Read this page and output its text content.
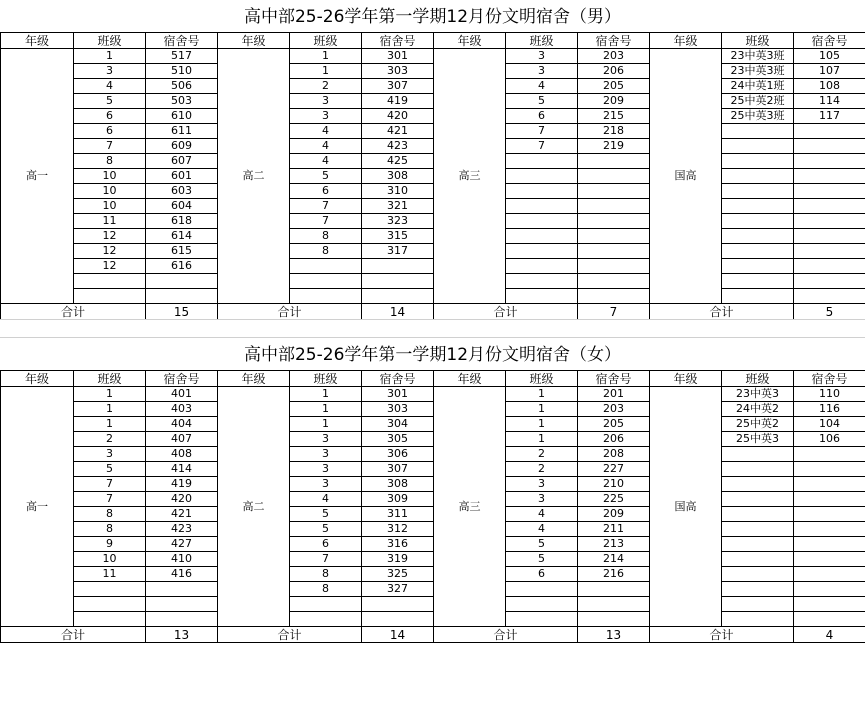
高中部25-26学年第一学期12月份文明宿舍（男）
年级	班级	宿舍号	年级	班级	宿舍号	年级	班级	宿舍号	年级	班级	宿舍号
高一	1	517	高二	1	301	高三	3	203	国高	23中英3班	105
	3	510		1	303		3	206		23中英3班	107
	4	506		2	307		4	205		24中英1班	108
	5	503		3	419		5	209		25中英2班	114
	6	610		3	420		6	215		25中英3班	117
	6	611		4	421		7	218			
	7	609		4	423		7	219			
	8	607		4	425						
	10	601		5	308						
	10	603		6	310						
	10	604		7	321						
	11	618		7	323						
	12	614		8	315						
	12	615		8	317						
	12	616									

合计		15	合计		14	合计		7	合计		5
高中部25-26学年第一学期12月份文明宿舍（女）
年级	班级	宿舍号	年级	班级	宿舍号	年级	班级	宿舍号	年级	班级	宿舍号
高一	1	401	高二	1	301	高三	1	201	国高	23中英3	110
	1	403		1	303		1	203		24中英2	116
	1	404		1	304		1	205		25中英2	104
	2	407		3	305		1	206		25中英3	106
	3	408		3	306		2	208			
	5	414		3	307		2	227			
	7	419		3	308		3	210			
	7	420		4	309		3	225			
	8	421		5	311		4	209			
	8	423		5	312		4	211			
	9	427		6	316		5	213			
	10	410		7	319		5	214			
	11	416		8	325		6	216			
				8	327						

合计		13	合计		14	合计		13	合计		4
